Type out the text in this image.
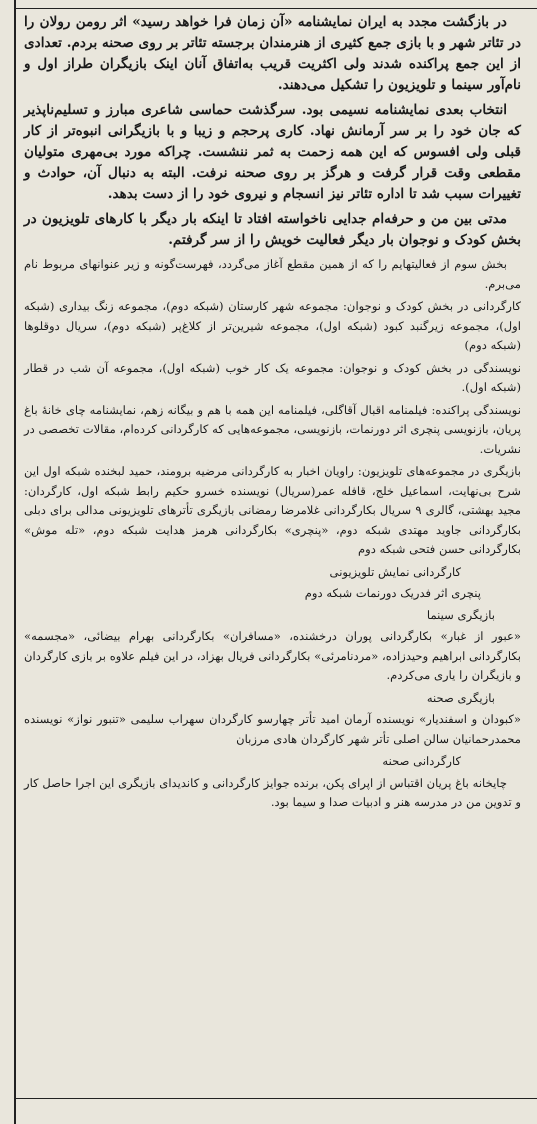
در بازگشت مجدد به ایران نمایشنامه «آن زمان فرا خواهد رسید» اثر رومن رولان را در تئاتر شهر و با بازی جمع کثیری از هنرمندان برجسته تئاتر بر روی صحنه بردم. تعدادی از این جمع پراکنده شدند ولی اکثریت قریب به‌اتفاق آنان اینک بازیگران طراز اول و نام‌آور سینما و تلویزیون را تشکیل می‌دهند.

انتخاب بعدی نمایشنامه نسیمی بود. سرگذشت حماسی شاعری مبارز و تسلیم‌ناپذیر که جان خود را بر سر آرمانش نهاد. کاری پرحجم و زیبا و با بازیگرانی انبوه‌تر از کار قبلی ولی افسوس که این همه زحمت به ثمر ننشست. چراکه مورد بی‌مهری متولیان مقطعی وقت قرار گرفت و هرگز بر روی صحنه نرفت. البته به دنبال آن، حوادث و تغییرات سبب شد تا اداره تئاتر نیز انسجام و نیروی خود را از دست بدهد.

مدتی بین من و حرفه‌ام جدایی ناخواسته افتاد تا اینکه بار دیگر با کارهای تلویزیون در بخش کودک و نوجوان بار دیگر فعالیت خویش را از سر گرفتم.

بخش سوم از فعالیتهایم را که از همین مقطع آغاز می‌گردد، فهرست‌گونه و زیر عنوانهای مربوط نام می‌برم.

کارگردانی در بخش کودک و نوجوان: مجموعه شهر کارستان (شبکه دوم)، مجموعه زنگ بیداری (شبکه اول)، مجموعه زیرگنبد کبود (شبکه اول)، مجموعه شیرین‌تر از کلاغ‌پر (شبکه دوم)، سریال دوقلوها (شبکه دوم)

نویسندگی در بخش کودک و نوجوان: مجموعه یک کار خوب (شبکه اول)، مجموعه آن شب در قطار (شبکه اول).

نویسندگی پراکنده: فیلمنامه اقبال آقاگلی، فیلمنامه این همه با هم و بیگانه زهم، نمایشنامه چای خانهٔ باغ پریان، بازنویسی پنچری اثر دورنمات، بازنویسی، مجموعه‌هایی که کارگردانی کرده‌ام، مقالات تخصصی در نشریات.

بازیگری در مجموعه‌های تلویزیون: راویان اخبار به کارگردانی مرضیه برومند، حمید لبخنده شبکه اول این شرح بی‌نهایت، اسماعیل خلج، قافله عمر(سریال) نویسنده خسرو حکیم رابط شبکه اول، کارگردان: مجید بهشتی، گالری ۹ سریال بکارگردانی غلامرضا رمضانی بازیگری تأترهای تلویزیونی مدالی برای دبلی بکارگردانی جاوید مهتدی شبکه دوم، «پنچری» بکارگردانی هرمز هدایت شبکه دوم، «تله موش» بکارگردانی حسن فتحی شبکه دوم

کارگردانی نمایش تلویزیونی

پنچری اثر فدریک دورنمات شبکه دوم

بازیگری سینما

«عبور از غبار» بکارگردانی پوران درخشنده، «مسافران» بکارگردانی بهرام بیضائی، «مجسمه» بکارگردانی ابراهیم وحیدزاده، «مردنامرئی» بکارگردانی فریال بهزاد، در این فیلم علاوه بر بازی کارگردان و بازیگران را یاری می‌کردم.

بازیگری صحنه

«کبودان و اسفندیار» نویسنده آرمان امید تأتر چهارسو کارگردان سهراب سلیمی «تنبور نواز» نویسنده محمدرحمانیان سالن اصلی تأتر شهر کارگردان هادی مرزبان

کارگردانی صحنه

چایخانه باغ پریان اقتباس از اپرای پکن، برنده جوایز کارگردانی و کاندیدای بازیگری این اجرا حاصل کار و تدوین من در مدرسه هنر و ادبیات صدا و سیما بود.
